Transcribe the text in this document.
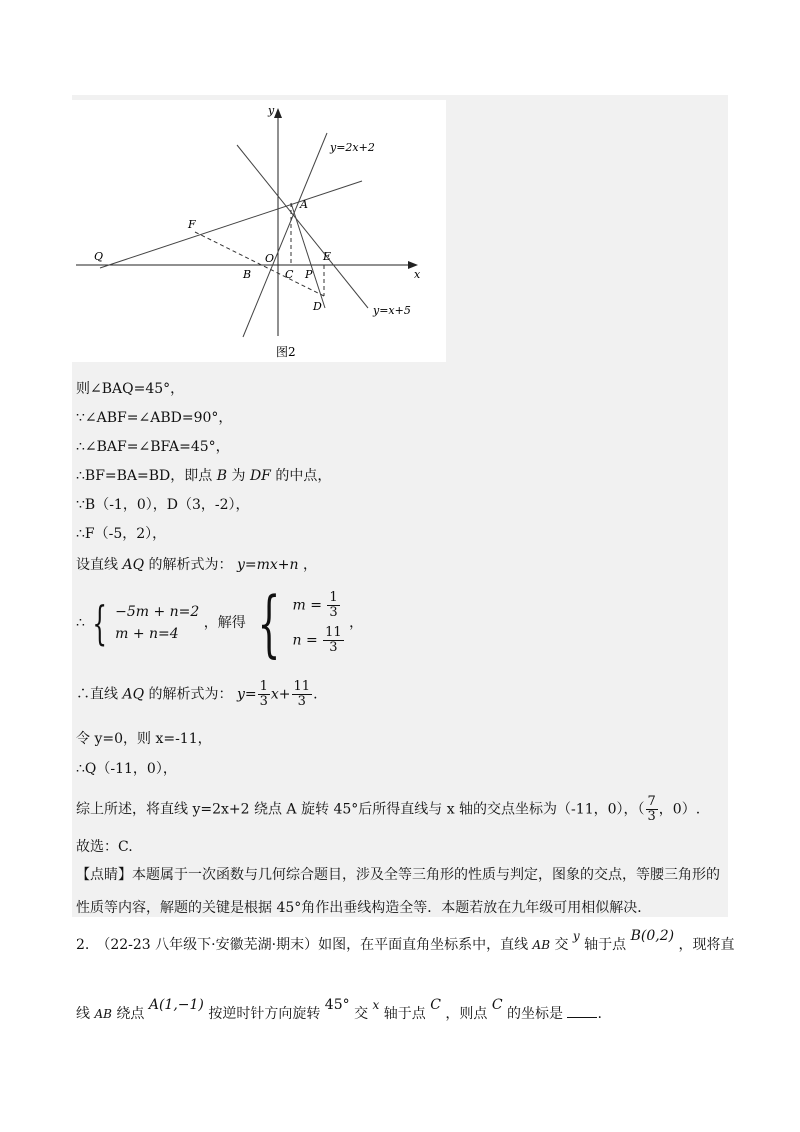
y
x
y=2x+2
y=x+5
A
B
O
C P
E
D
F
Q
图2
则∠BAQ=45°，
∵∠ABF=∠ABD=90°，
∴∠BAF=∠BFA=45°，
∴BF=BA=BD，即点 B 为 DF 的中点，
∵B（-1，0），D（3，-2），
∴F（-5，2），
设直线 AQ 的解析式为： y=mx+n ，
∴ { −5m + n=2
m + n=4
，解得 { $m = \frac{1}{3}$
$n = \frac{11}{3}$
，
∴直线 AQ 的解析式为： $y= \frac{1}{3} x+ \frac{11}{3}$ .
令 y=0，则 x=-11，
∴Q（-11，0），
综上所述，将直线 y=2x+2 绕点 A 旋转 45°后所得直线与 x 轴的交点坐标为（-11，0），（ $\frac{7}{3}$ ，0）.
故选：C.
【点睛】本题属于一次函数与几何综合题目，涉及全等三角形的性质与判定，图象的交点，等腰三角形的
性质等内容，解题的关键是根据 45°角作出垂线构造全等．本题若放在九年级可用相似解决．
2.　（22-23 八年级下·安徽芜湖·期末）如图，在平面直角坐标系中，直线 AB 交 y 轴于点 B(0,2) ，现将直
线 AB 绕点 A(1,−1) 按逆时针方向旋转 45° 交 x 轴于点 C ，则点 C 的坐标是 .
